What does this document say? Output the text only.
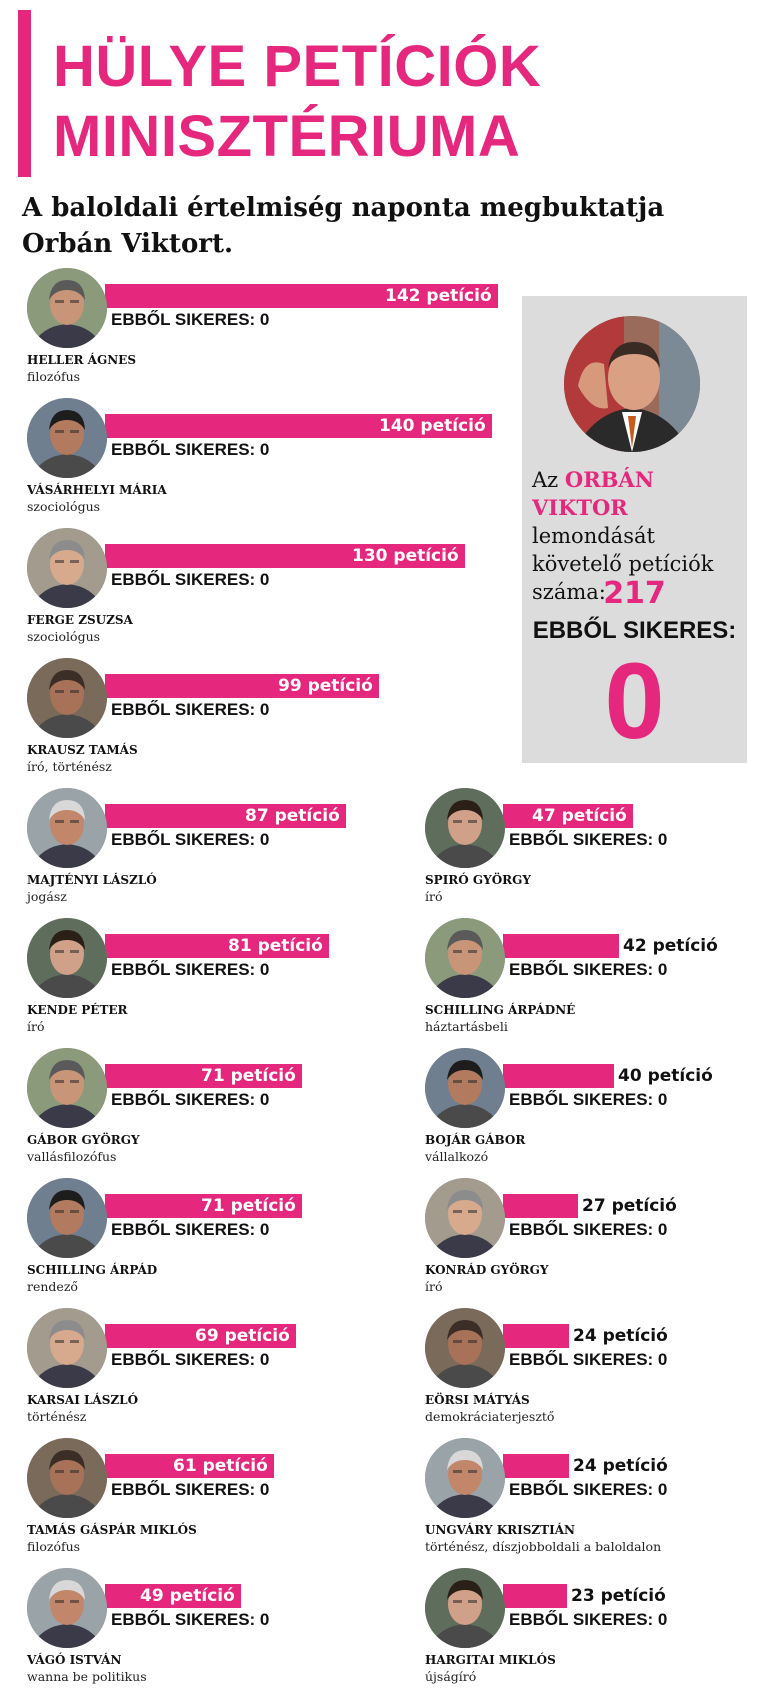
HÜLYE PETÍCIÓK
MINISZTÉRIUMA

A baloldali értelmiség naponta megbuktatja
Orbán Viktort.

142 petíció
EBBŐL SIKERES: 0
HELLER ÁGNES
filozófus
140 petíció
EBBŐL SIKERES: 0
VÁSÁRHELYI MÁRIA
szociológus
130 petíció
EBBŐL SIKERES: 0
FERGE ZSUZSA
szociológus
99 petíció
EBBŐL SIKERES: 0
KRAUSZ TAMÁS
író, történész
87 petíció
EBBŐL SIKERES: 0
MAJTÉNYI LÁSZLÓ
jogász
81 petíció
EBBŐL SIKERES: 0
KENDE PÉTER
író
71 petíció
EBBŐL SIKERES: 0
GÁBOR GYÖRGY
vallásfilozófus
71 petíció
EBBŐL SIKERES: 0
SCHILLING ÁRPÁD
rendező
69 petíció
EBBŐL SIKERES: 0
KARSAI LÁSZLÓ
történész
61 petíció
EBBŐL SIKERES: 0
TAMÁS GÁSPÁR MIKLÓS
filozófus
49 petíció
EBBŐL SIKERES: 0
VÁGÓ ISTVÁN
wanna be politikus
47 petíció
EBBŐL SIKERES: 0
SPIRÓ GYÖRGY
író
42 petíció
EBBŐL SIKERES: 0
SCHILLING ÁRPÁDNÉ
háztartásbeli
40 petíció
EBBŐL SIKERES: 0
BOJÁR GÁBOR
vállalkozó
27 petíció
EBBŐL SIKERES: 0
KONRÁD GYÖRGY
író
24 petíció
EBBŐL SIKERES: 0
EÖRSI MÁTYÁS
demokráciaterjesztő
24 petíció
EBBŐL SIKERES: 0
UNGVÁRY KRISZTIÁN
történész, díszjobboldali a baloldalon
23 petíció
EBBŐL SIKERES: 0
HARGITAI MIKLÓS
újságíró
Az ORBÁN VIKTOR
lemondását
követelő petíciók
száma:
217
EBBŐL SIKERES:
0
